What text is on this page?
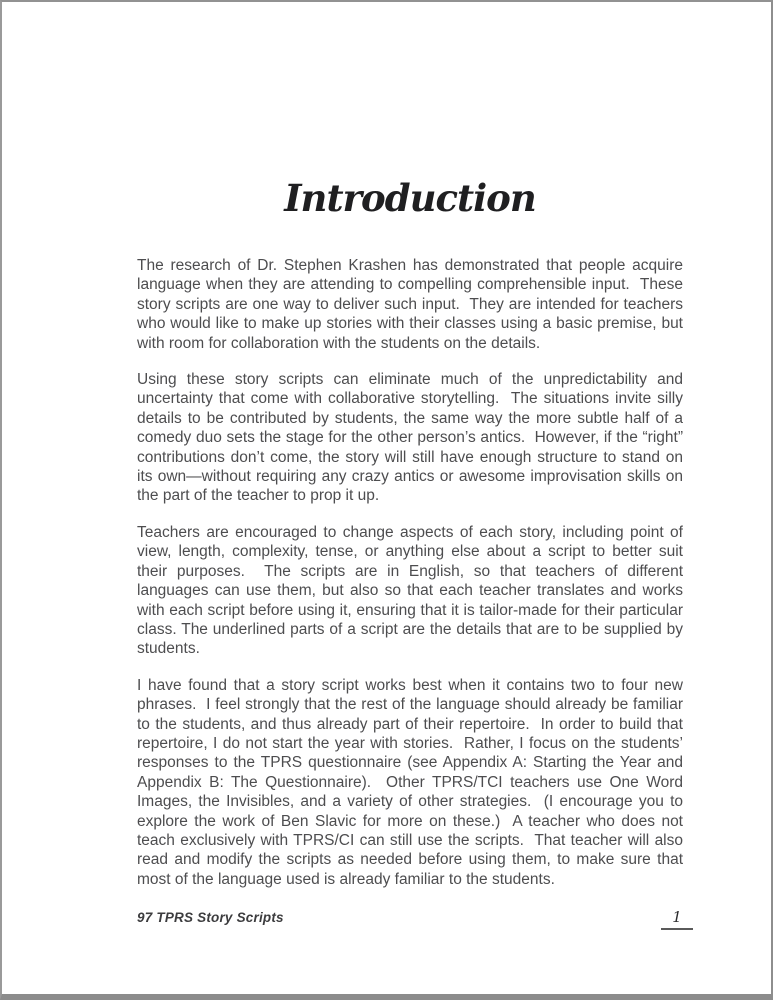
Introduction

The research of Dr. Stephen Krashen has demonstrated that people acquire language when they are attending to compelling comprehensible input.  These story scripts are one way to deliver such input.  They are intended for teachers who would like to make up stories with their classes using a basic premise, but with room for collaboration with the students on the details.

Using these story scripts can eliminate much of the unpredictability and uncertainty that come with collaborative storytelling.  The situations invite silly details to be contributed by students, the same way the more subtle half of a comedy duo sets the stage for the other person’s antics.  However, if the “right” contributions don’t come, the story will still have enough structure to stand on its own—without requiring any crazy antics or awesome improvisation skills on the part of the teacher to prop it up.

Teachers are encouraged to change aspects of each story, including point of view, length, complexity, tense, or anything else about a script to better suit their purposes.  The scripts are in English, so that teachers of different languages can use them, but also so that each teacher translates and works with each script before using it, ensuring that it is tailor-made for their particular class. The underlined parts of a script are the details that are to be supplied by students.

I have found that a story script works best when it contains two to four new phrases.  I feel strongly that the rest of the language should already be familiar to the students, and thus already part of their repertoire.  In order to build that repertoire, I do not start the year with stories.  Rather, I focus on the students’ responses to the TPRS questionnaire (see Appendix A: Starting the Year and Appendix B: The Questionnaire).  Other TPRS/TCI teachers use One Word Images, the Invisibles, and a variety of other strategies.  (I encourage you to explore the work of Ben Slavic for more on these.)  A teacher who does not teach exclusively with TPRS/CI can still use the scripts.  That teacher will also read and modify the scripts as needed before using them, to make sure that most of the language used is already familiar to the students.

97 TPRS Story Scripts	1
